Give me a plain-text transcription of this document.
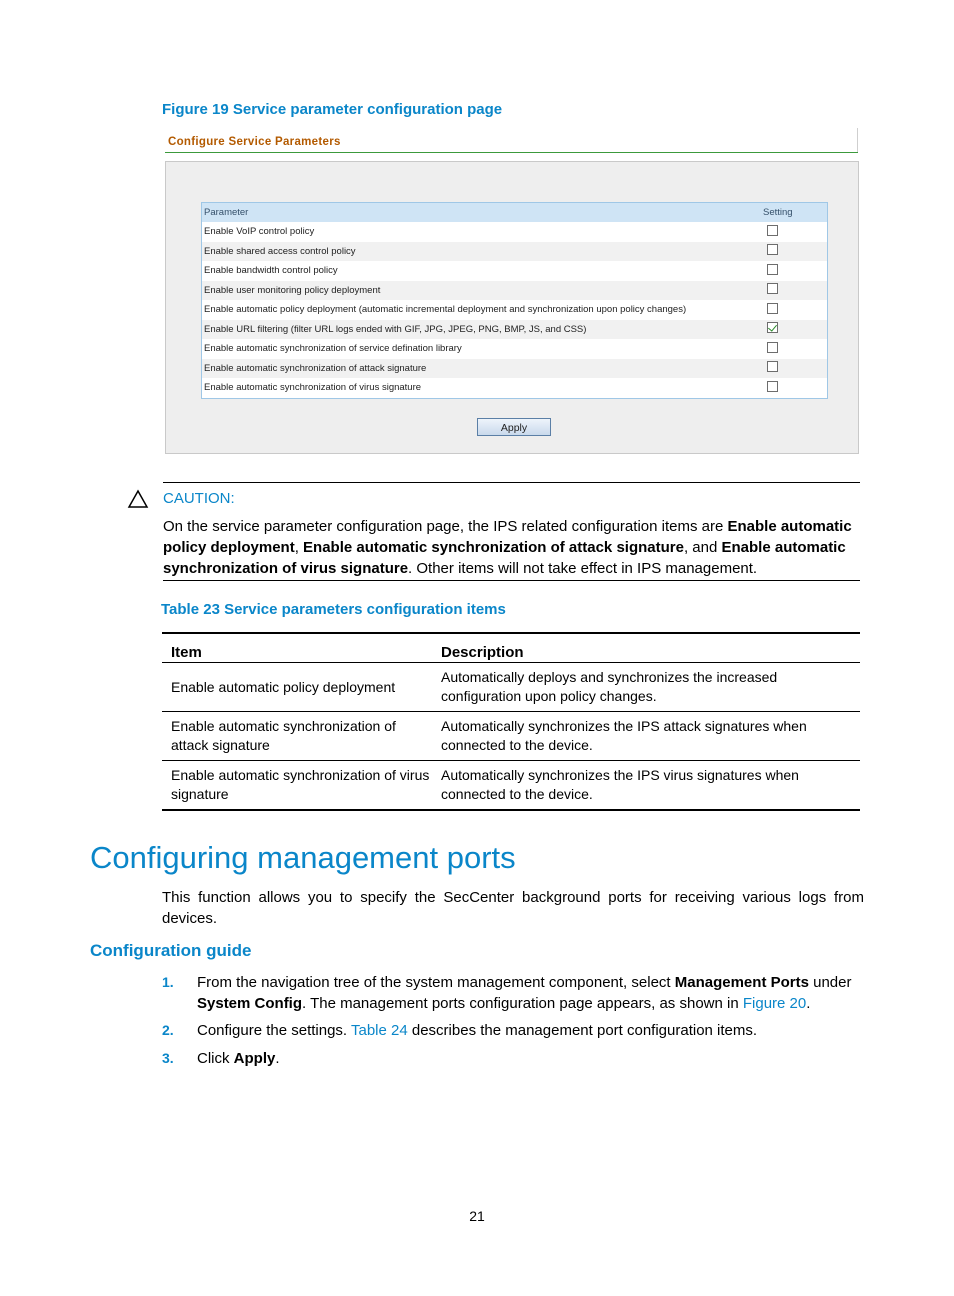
Figure 19 Service parameter configuration page
Configure Service Parameters
Parameter	Setting
Enable VoIP control policy
Enable shared access control policy
Enable bandwidth control policy
Enable user monitoring policy deployment
Enable automatic policy deployment (automatic incremental deployment and synchronization upon policy changes)
Enable URL filtering (filter URL logs ended with GIF, JPG, JPEG, PNG, BMP, JS, and CSS)
Enable automatic synchronization of service defination library
Enable automatic synchronization of attack signature
Enable automatic synchronization of virus signature
Apply
CAUTION:
On the service parameter configuration page, the IPS related configuration items are Enable automatic policy deployment, Enable automatic synchronization of attack signature, and Enable automatic synchronization of virus signature. Other items will not take effect in IPS management.
Table 23 Service parameters configuration items
Item	Description
Enable automatic policy deployment
Automatically deploys and synchronizes the increased configuration upon policy changes.
Enable automatic synchronization of attack signature
Automatically synchronizes the IPS attack signatures when connected to the device.
Enable automatic synchronization of virus signature
Automatically synchronizes the IPS virus signatures when connected to the device.
Configuring management ports
This function allows you to specify the SecCenter background ports for receiving various logs from devices.
Configuration guide
1. From the navigation tree of the system management component, select Management Ports under System Config. The management ports configuration page appears, as shown in Figure 20.
2. Configure the settings. Table 24 describes the management port configuration items.
3. Click Apply.
21
